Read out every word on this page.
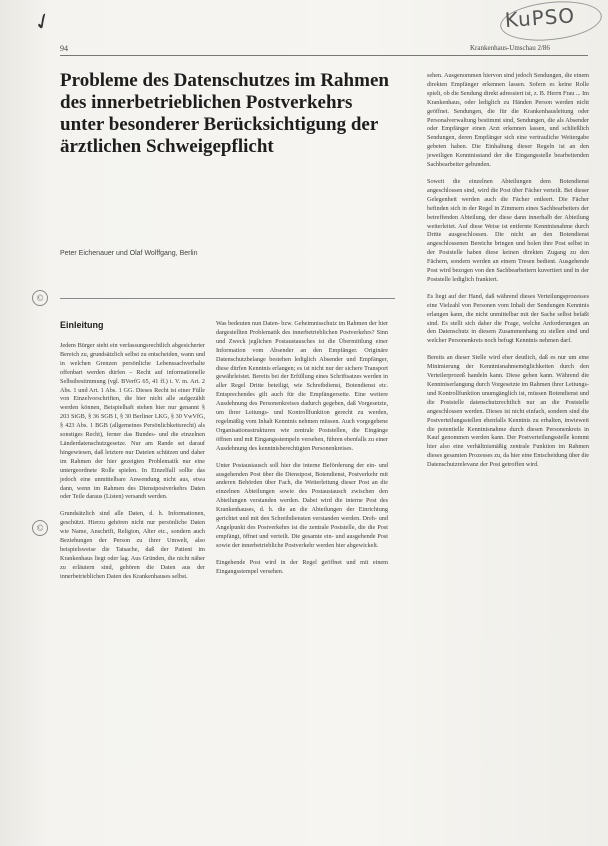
✓	KuPSO
94	Krankenhaus-Umschau 2/86
Probleme des Datenschutzes im Rahmen des innerbetrieblichen Postverkehrs unter besonderer Berücksichtigung der ärztlichen Schweigepflicht
Peter Eichenauer und Olaf Wolffgang, Berlin
©
©
Einleitung

Jedem Bürger steht ein verfassungsrechtlich abgesicherter Bereich zu, grundsätzlich selbst zu entscheiden, wann und in welchen Grenzen persönliche Lebenssachverhalte offenbart werden dürfen – Recht auf informationelle Selbstbestimmung (vgl. BVerfG 65, 41 ff.) i. V. m. Art. 2 Abs. 1 und Art. 1 Abs. 1 GG. Dieses Recht ist einer Fülle von Einzelvorschriften, die hier nicht alle aufgezählt werden können, Beispielhaft stehen hier nur genannt § 203 StGB, § 36 SGB I, § 30 Berliner LKG, § 30 VwVfG, § 423 Abs. 1 BGB (allgemeines Persönlichkeitsrecht) als sonstiges Recht), ferner das Bundes- und die einzelnen Länderdatenschutzgesetze. Nur am Rande sei darauf hingewiesen, daß letztere nur Dateien schützen und daher im Rahmen der hier gezeigten Problematik nur eine untergeordnete Rolle spielen. In Einzelfall sollte das jedoch eine unmittelbare Anwendung nicht aus, etwa dann, wenn im Rahmen des Dienstpostverkehrs Daten oder Teile daraus (Listen) versandt werden.

Grundsätzlich sind alle Daten, d. h. Informationen, geschützt. Hierzu gehören nicht nur persönliche Daten wie Name, Anschrift, Religion, Alter etc., sondern auch Beziehungen der Person zu ihrer Umwelt, also beispielsweise die Tatsache, daß der Patient im Krankenhaus liegt oder lag. Aus Gründen, die nicht näher zu erläutern sind, gehören die Daten aus der innerbetrieblichen Daten des Krankenhauses selbst.

Was bedeuten nun Daten- bzw. Geheimnisschutz im Rahmen der hier dargestellten Problematik des innerbetrieblichen Postverkehrs? Sinn und Zweck jeglichen Postaustausches ist die Übermittlung einer Information vom Absender an den Empfänger. Originäre Datenschutzbelange bestehen lediglich Absender und Empfänger, diese dürfen Kenntnis erlangen; es ist nicht nur der sichere Transport gewährleistet. Bereits bei der Erfüllung eines Schriftsatzes werden in aller Regel Dritte beteiligt, wie Schreibdienst, Botendienst etc. Entsprechendes gilt auch für die Empfängerseite. Eine weitere Ausdehnung des Personenkreises dadurch gegeben, daß Vorgesetzte, um ihrer Leitungs- und Kontrollfunktion gerecht zu werden, regelmäßig vom Inhalt Kenntnis nehmen müssen. Auch vorgegebene Organisationsstrukturen wie zentrale Poststellen, die Eingänge öffnen und mit Eingangsstempeln versehen, führen ebenfalls zu einer Ausdehnung des kenntnisberechtigten Personenkreises.

Unter Postaustausch soll hier die interne Beförderung der ein- und ausgehenden Post über die Dienstpost, Botendienst, Postverkehr mit anderen Behörden über Fach, die Weiterleitung dieser Post an die einzelnen Abteilungen sowie des Postaustausch zwischen den Abteilungen verstanden werden. Dabei wird die interne Post des Krankenhauses, d. h. die an die Abteilungen der Einrichtung gerichtet und mit den Schreibdiensten verstanden werden. Dreh- und Angelpunkt des Postverkehrs ist die zentrale Poststelle, die die Post empfängt, öffnet und verteilt. Die gesamte ein- und ausgehende Post sowie der innerbetriebliche Postverkehr werden hier abgewickelt.

Eingehende Post wird in der Regel geöffnet und mit einem Eingangsstempel versehen.

sehen. Ausgenommen hiervon sind jedoch Sendungen, die einem direkten Empfänger erkennen lassen. Sofern es keine Rolle spielt, ob die Sendung direkt adressiert ist, z. B. Herrn Frau ... Im Krankenhaus, oder lediglich zu Händen Person werden nicht geöffnet. Sendungen, die für die Krankenhausleitung oder Personalverwaltung bestimmt sind, Sendungen, die als Absender oder Empfänger einen Arzt erkennen lassen, und schließlich Sendungen, deren Empfänger sich eine vertrauliche Weitergabe gebeten haben. Die Einhaltung dieser Regeln ist an den jeweiligen Kenntnisstand der die Eingangsstelle bearbeitenden Sachbearbeiter gebunden.

Soweit die einzelnen Abteilungen dem Botendienst angeschlossen sind, wird die Post über Fächer verteilt. Bei dieser Gelegenheit werden auch die Fächer entleert. Die Fächer befinden sich in der Regel in Zimmern eines Sachbearbeiters der betreffenden Abteilung, der diese dann innerhalb der Abteilung weiterleitet. Auf diese Weise ist entfernte Kenntnisnahme durch Dritte ausgeschlossen. Die nicht an den Botendienst angeschlossenen Bereiche bringen und holen ihre Post selbst in der Poststelle haben diese keinen direkten Zugang zu den Fächern, sondern werden an einem Tresen bedient. Ausgehende Post wird bezogen von den Sachbearbeitern kuvertiert und in der Poststelle lediglich frankiert.

Es liegt auf der Hand, daß während dieses Verteilungsprozesses eine Vielzahl von Personen vom Inhalt der Sendungen Kenntnis erlangen kann, die nicht unmittelbar mit der Sache selbst befaßt sind. Es stellt sich daher die Frage, welche Anforderungen an den Datenschutz in diesem Zusammenhang zu stellen sind und welcher Personenkreis noch befugt Kenntnis nehmen darf.

Bereits an dieser Stelle wird eher deutlich, daß es nur um eine Minimierung der Kenntnisnahmemöglichkeiten durch den Verteilerprozeß handeln kann. Diese gehen kann. Während die Kenntniserlangung durch Vorgesetzte im Rahmen ihrer Leitungs- und Kontrollfunktion unumgänglich ist, müssen Botendienst und die Poststelle datenschutzrechtlich nur an die Poststelle angeschlossen werden. Dieses ist nicht einfach, sondern sind die Postverteilungsstellen ebenfalls Kenntnis zu erhalten, inwieweit die potentielle Kenntnisnahme durch diesen Personenkreis in Kauf genommen werden kann. Der Postverteilungsstelle kommt hier also eine verhältnismäßig zentrale Funktion im Rahmen dieses gesamten Prozesses zu, da hier eine Entscheidung über die Datenschutzrelevanz der Post getroffen wird.
